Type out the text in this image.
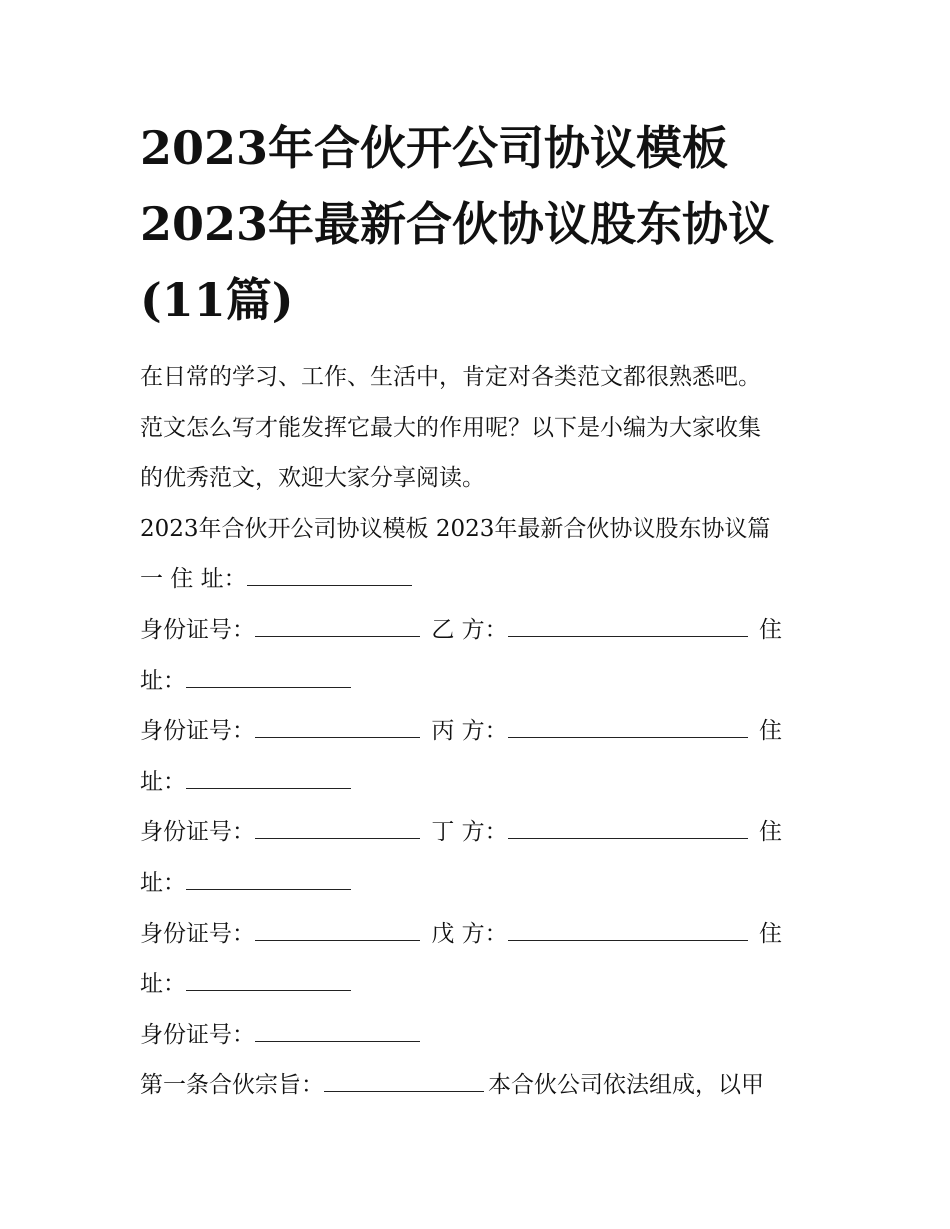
2023年合伙开公司协议模板
2023年最新合伙协议股东协议
(11篇)
在日常的学习、工作、生活中，肯定对各类范文都很熟悉吧。
范文怎么写才能发挥它最大的作用呢？以下是小编为大家收集
的优秀范文，欢迎大家分享阅读。
2023年合伙开公司协议模板 2023年最新合伙协议股东协议篇
一 住 址：
身份证号：	乙 方：	住
址：
身份证号：	丙 方：	住
址：
身份证号：	丁 方：	住
址：
身份证号：	戊 方：	住
址：
身份证号：
第一条合伙宗旨：	本合伙公司依法组成，以甲
